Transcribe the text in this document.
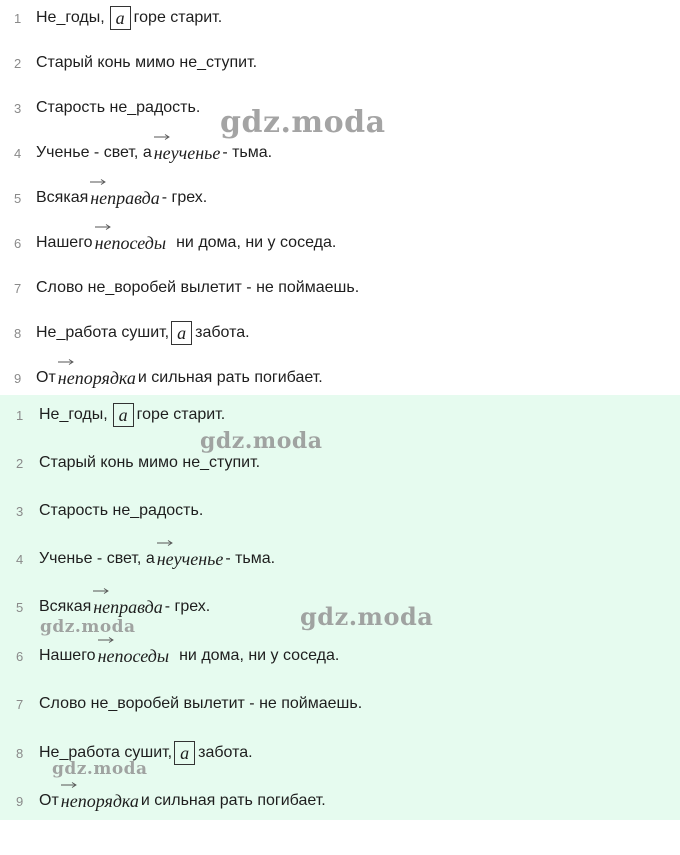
1 Не_годы, а горе старит.
2 Старый конь мимо не_ступит.
3 Старость не_радость.
4 Ученье - свет, а неученье - тьма.
5 Всякая неправда - грех.
6 Нашего непоседы ни дома, ни у соседа.
7 Слово не_воробей вылетит - не поймаешь.
8 Не_работа сушит, а забота.
9 От непорядка и сильная рать погибает.
gdz.moda
1 Не_годы, а горе старит.
2 Старый конь мимо не_ступит.
3 Старость не_радость.
4 Ученье - свет, а неученье - тьма.
5 Всякая неправда - грех.
6 Нашего непоседы ни дома, ни у соседа.
7 Слово не_воробей вылетит - не поймаешь.
8 Не_работа сушит, а забота.
9 От непорядка и сильная рать погибает.
gdz.moda
gdz.moda
gdz.moda
gdz.moda
